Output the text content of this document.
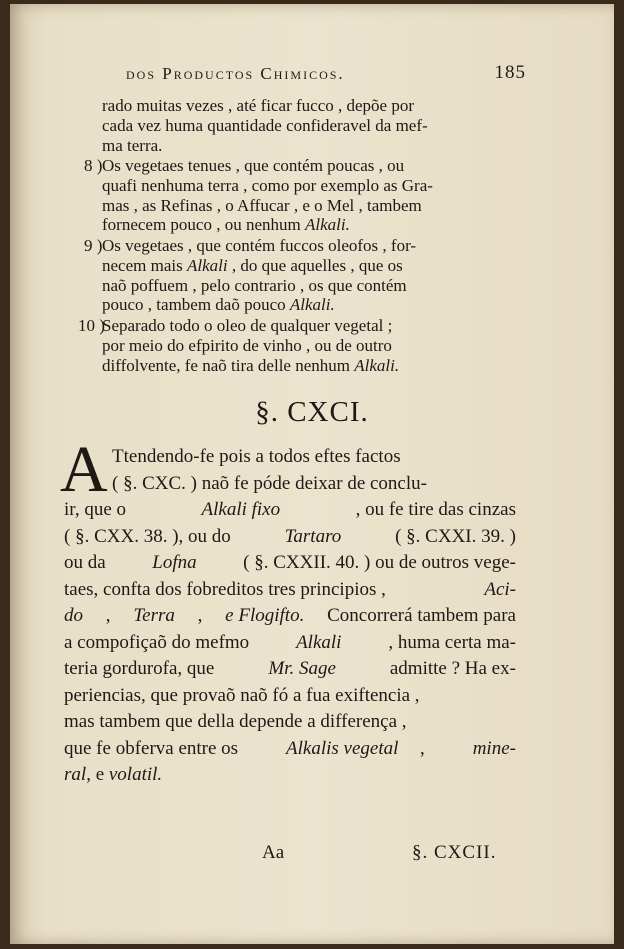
dos Productos Chimicos.	185
rado muitas vezes , até ficar fucco , depõe por
cada vez huma quantidade confideravel da mef-
ma terra.
8 ) Os vegetaes tenues , que contém poucas , ou
quafi nenhuma terra , como por exemplo as Gra-
mas , as Refinas , o Affucar , e o Mel , tambem
fornecem pouco , ou nenhum
Alkali.
9 ) Os vegetaes , que contém fuccos oleofos , for-
necem mais
Alkali
, do que aquelles , que os
naõ poffuem , pelo contrario , os que contém
pouco , tambem daõ pouco
Alkali.
10 )
Separado todo o oleo de qualquer vegetal ;
por meio do efpirito de vinho , ou de outro
diffolvente, fe naõ tira delle nenhum
Alkali.
§. CXCI.
A Ttendendo-fe pois a todos eftes factos
( §. CXC. ) naõ fe póde deixar de conclu-
ir, que o
	Alkali fixo
	, ou fe tire das cinzas
( §. CXX. 38. ), ou do
	Tartaro
	( §. CXXI. 39. )
ou da
Lofna
( §. CXXII. 40. ) ou de outros vege-
taes, confta dos fobreditos tres principios ,
	Aci-
do , Terra , e Flogifto. Concorrerá tambem para
a compofiçaõ do mefmo
Alkali
, huma certa ma-
teria gordurofa, que
	Mr. Sage
	admitte ? Ha ex-
periencias, que provaõ naõ fó a fua exiftencia ,
mas tambem que della depende a differença ,
que fe obferva entre os
	Alkalis vegetal ,
	mine-
ral , e
volatil.
Aa	§. CXCII.
